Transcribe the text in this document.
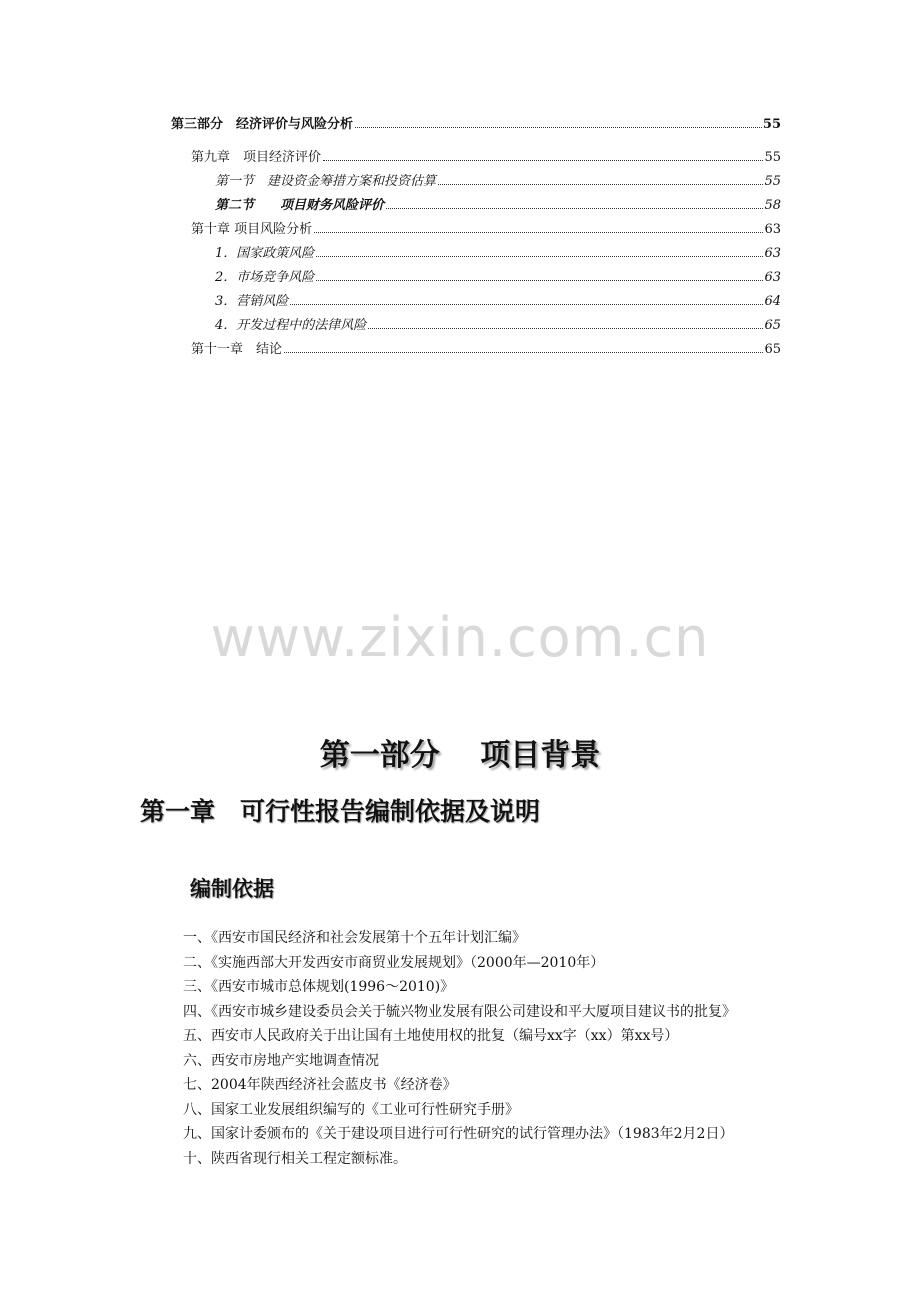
第三部分　经济评价与风险分析	55
第九章　项目经济评价	55
第一节　建设资金筹措方案和投资估算	55
第二节　　项目财务风险评价	58
第十章 项目风险分析	63
1．国家政策风险	63
2．市场竞争风险	63
3．营销风险	64
4．开发过程中的法律风险	65
第十一章　结论	65
www.zixin.com.cn
第一部分　 项目背景
第一章　可行性报告编制依据及说明
编制依据

一、《西安市国民经济和社会发展第十个五年计划汇编》

二、《实施西部大开发西安市商贸业发展规划》（2000年—2010年）

三、《西安市城市总体规划(1996～2010)》

四、《西安市城乡建设委员会关于毓兴物业发展有限公司建设和平大厦项目建议书的批复》

五、西安市人民政府关于出让国有土地使用权的批复（编号xx字（xx）第xx号）

六、西安市房地产实地调查情况

七、2004年陕西经济社会蓝皮书《经济卷》

八、国家工业发展组织编写的《工业可行性研究手册》

九、国家计委颁布的《关于建设项目进行可行性研究的试行管理办法》（1983年2月2日）

十、陕西省现行相关工程定额标准。
